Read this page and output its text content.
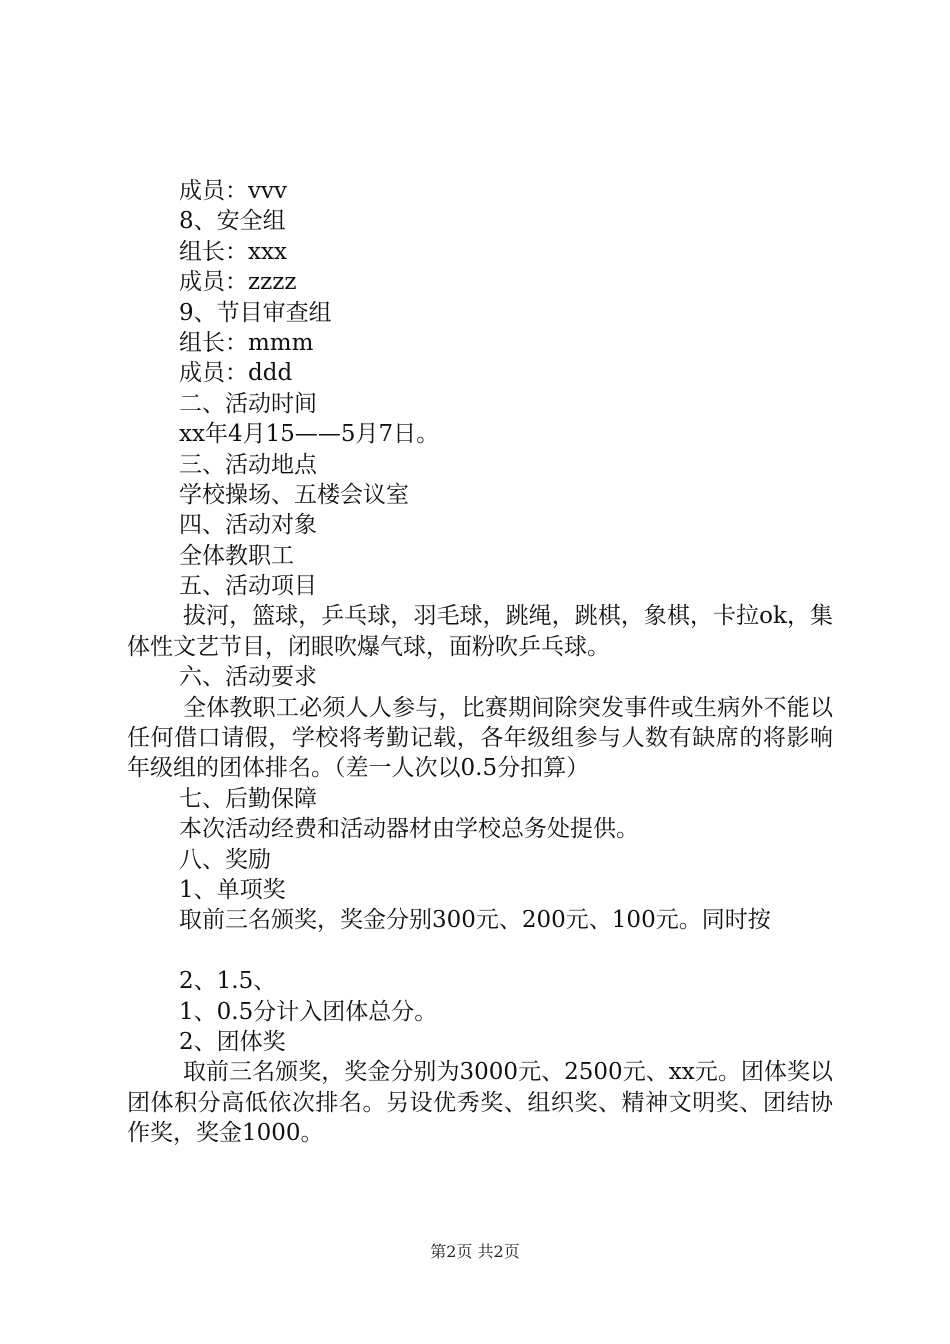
成员：vvv
8、安全组
组长：xxx
成员：zzzz
9、节目审查组
组长：mmm
成员：ddd
二、活动时间
xx年4月15——5月7日。
三、活动地点
学校操场、五楼会议室
四、活动对象
全体教职工
五、活动项目
拔河，篮球，乒乓球，羽毛球，跳绳，跳棋，象棋，卡拉ok，集体性文艺节目，闭眼吹爆气球，面粉吹乒乓球。
六、活动要求
全体教职工必须人人参与，比赛期间除突发事件或生病外不能以任何借口请假，学校将考勤记载，各年级组参与人数有缺席的将影响年级组的团体排名。（差一人次以0.5分扣算）
七、后勤保障
本次活动经费和活动器材由学校总务处提供。
八、奖励
1、单项奖
取前三名颁奖，奖金分别300元、200元、100元。同时按
2、1.5、
1、0.5分计入团体总分。
2、团体奖
取前三名颁奖，奖金分别为3000元、2500元、xx元。团体奖以团体积分高低依次排名。另设优秀奖、组织奖、精神文明奖、团结协作奖，奖金1000。
第2页 共2页
